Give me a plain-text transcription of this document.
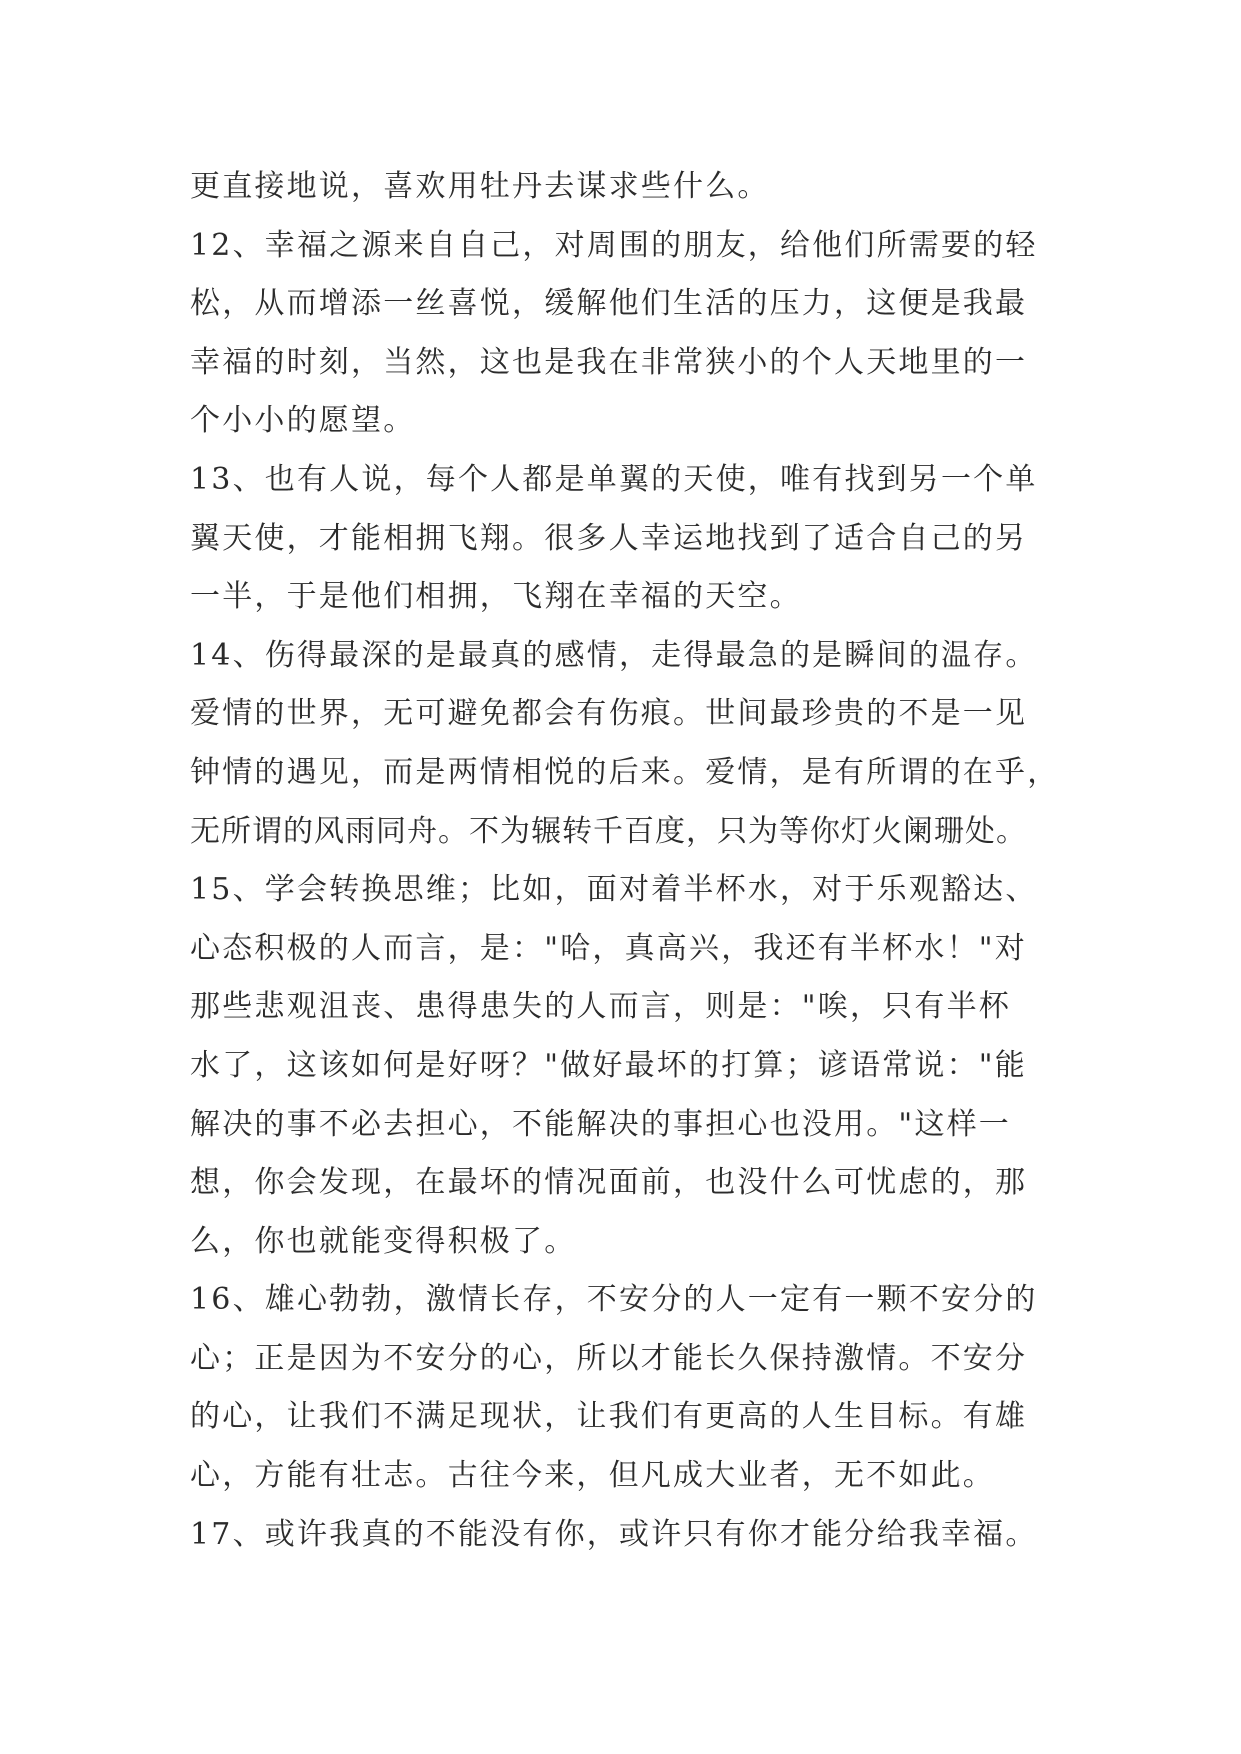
更直接地说，喜欢用牡丹去谋求些什么。
12、幸福之源来自自己，对周围的朋友，给他们所需要的轻
松，从而增添一丝喜悦，缓解他们生活的压力，这便是我最
幸福的时刻，当然，这也是我在非常狭小的个人天地里的一
个小小的愿望。
13、也有人说，每个人都是单翼的天使，唯有找到另一个单
翼天使，才能相拥飞翔。很多人幸运地找到了适合自己的另
一半，于是他们相拥，飞翔在幸福的天空。
14、伤得最深的是最真的感情，走得最急的是瞬间的温存。
爱情的世界，无可避免都会有伤痕。世间最珍贵的不是一见
钟情的遇见，而是两情相悦的后来。爱情，是有所谓的在乎，
无所谓的风雨同舟。不为辗转千百度，只为等你灯火阑珊处。
15、学会转换思维；比如，面对着半杯水，对于乐观豁达、
心态积极的人而言，是："哈，真高兴，我还有半杯水！"对
那些悲观沮丧、患得患失的人而言，则是："唉，只有半杯
水了，这该如何是好呀？"做好最坏的打算；谚语常说："能
解决的事不必去担心，不能解决的事担心也没用。"这样一
想，你会发现，在最坏的情况面前，也没什么可忧虑的，那
么，你也就能变得积极了。
16、雄心勃勃，激情长存，不安分的人一定有一颗不安分的
心；正是因为不安分的心，所以才能长久保持激情。不安分
的心，让我们不满足现状，让我们有更高的人生目标。有雄
心，方能有壮志。古往今来，但凡成大业者，无不如此。
17、或许我真的不能没有你，或许只有你才能分给我幸福。
